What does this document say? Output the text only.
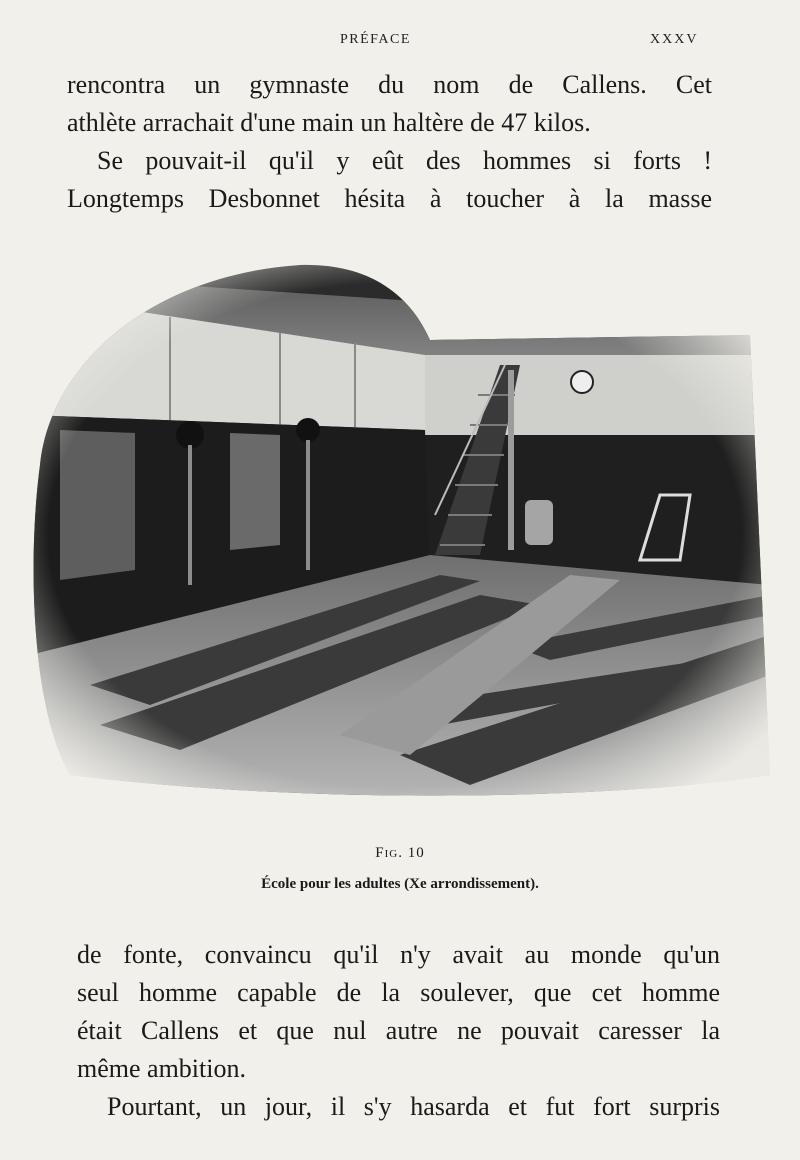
PRÉFACE	XXXV

rencontra un gymnaste du nom de Callens. Cet

athlète arrachait d'une main un haltère de 47 kilos.

Se pouvait-il qu'il y eût des hommes si forts !

Longtemps Desbonnet hésita à toucher à la masse

Fig. 10
École pour les adultes (Xe arrondissement).

de fonte, convaincu qu'il n'y avait au monde qu'un

seul homme capable de la soulever, que cet homme

était Callens et que nul autre ne pouvait caresser la

même ambition.

Pourtant, un jour, il s'y hasarda et fut fort surpris
